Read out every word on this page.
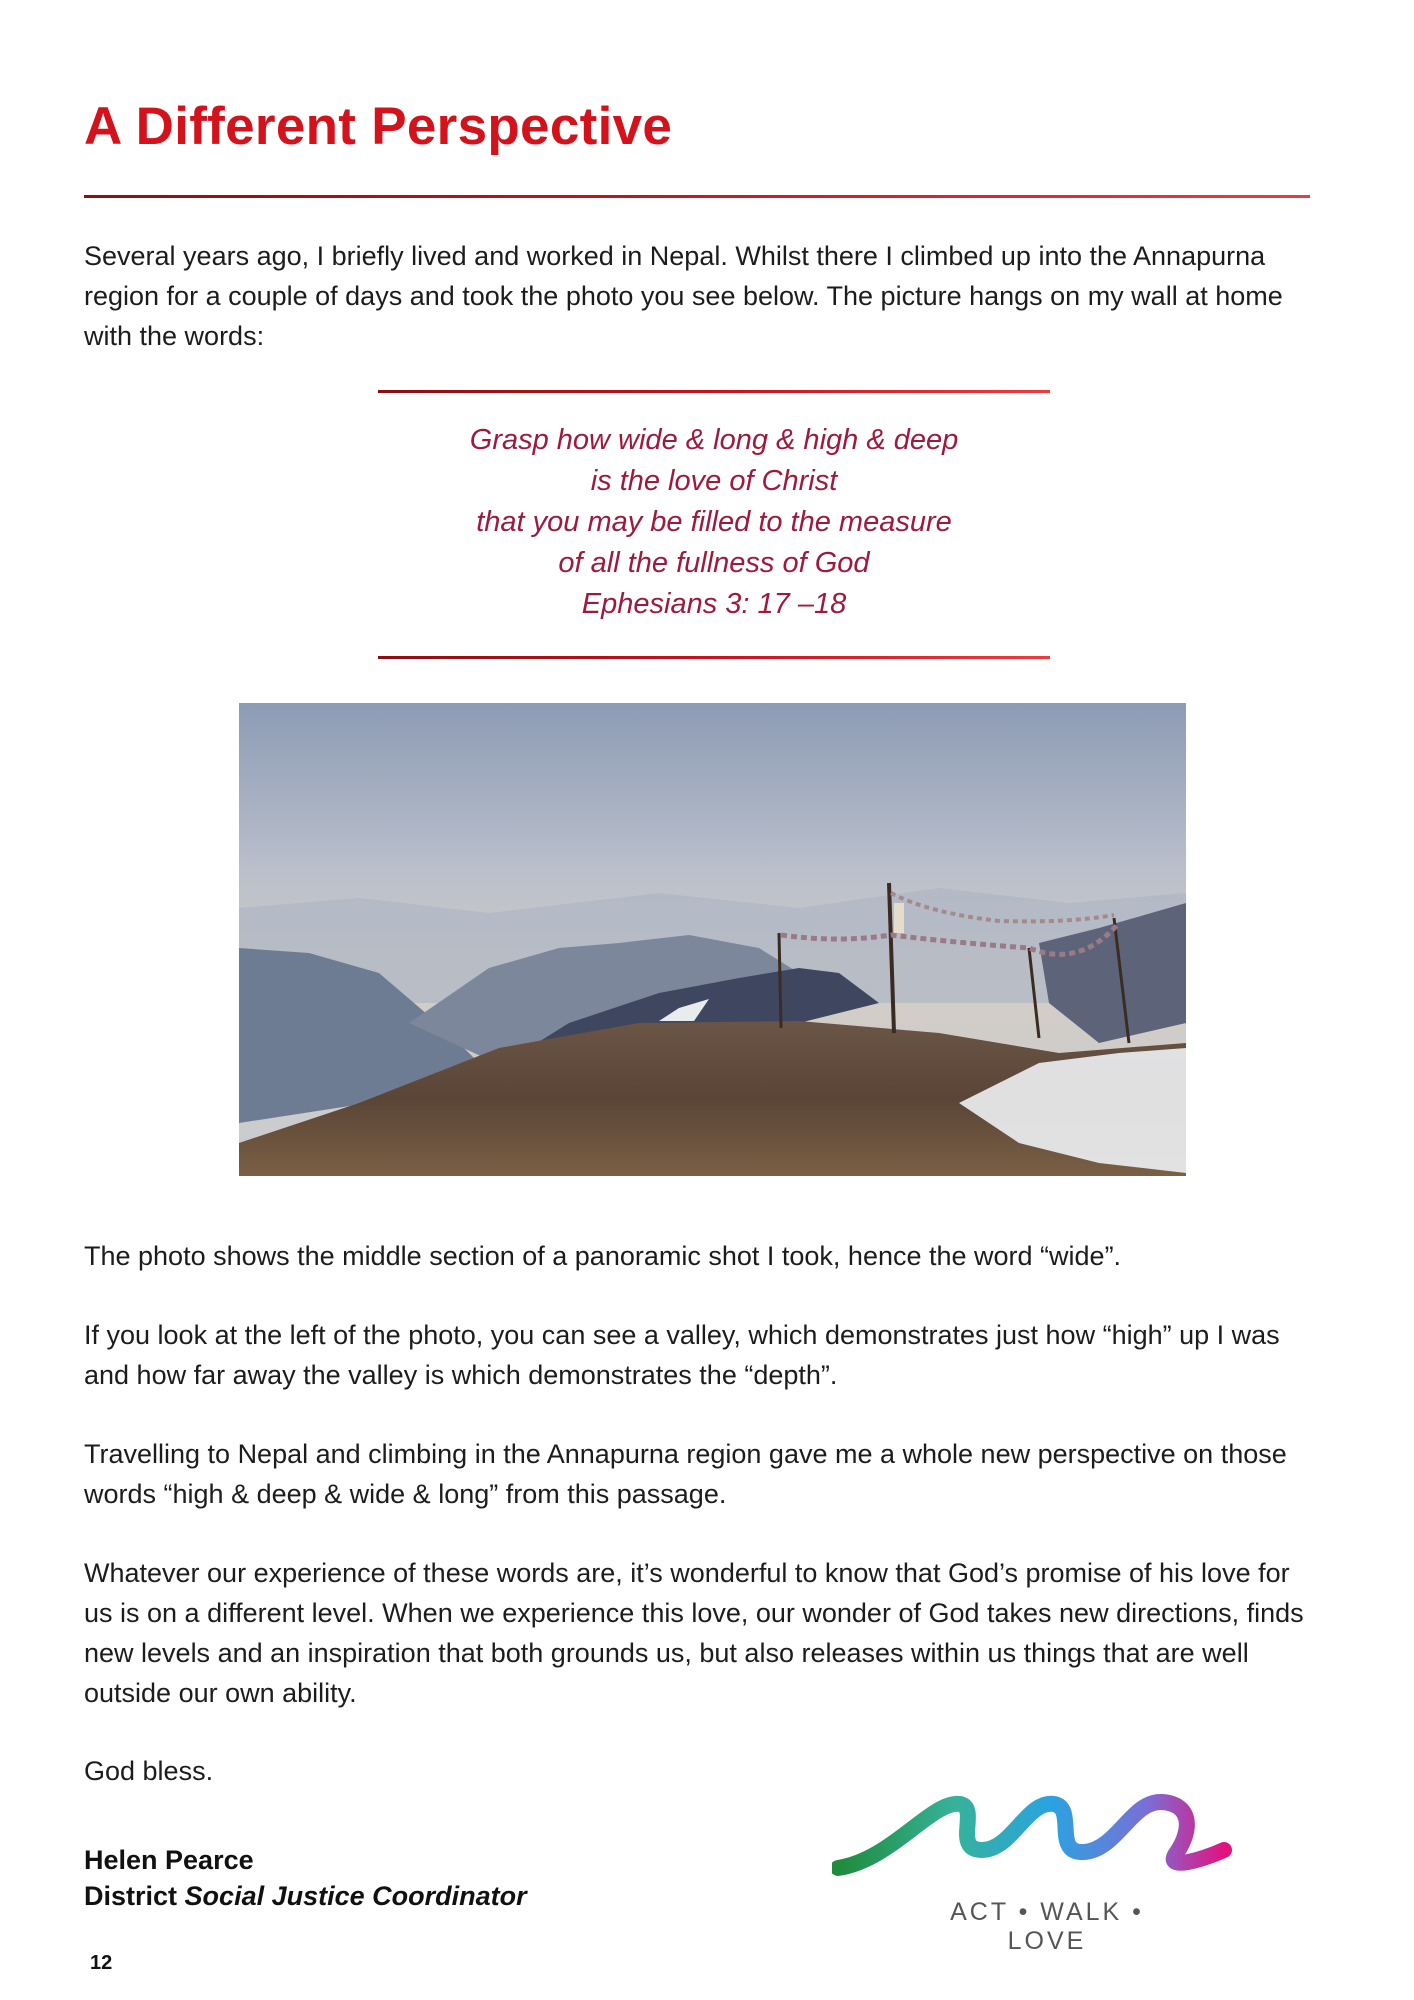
A Different Perspective

Several years ago, I briefly lived and worked in Nepal. Whilst there I climbed up into the Annapurna region for a couple of days and took the photo you see below. The picture hangs on my wall at home with the words:

Grasp how wide & long & high & deep
is the love of Christ
that you may be filled to the measure
of all the fullness of God
Ephesians 3: 17 –18

The photo shows the middle section of a panoramic shot I took, hence the word “wide”.

If you look at the left of the photo, you can see a valley, which demonstrates just how “high” up I was and how far away the valley is which demonstrates the “depth”.

Travelling to Nepal and climbing in the Annapurna region gave me a whole new perspective on those words “high & deep & wide & long” from this passage.

Whatever our experience of these words are, it’s wonderful to know that God’s promise of his love for us is on a different level. When we experience this love, our wonder of God takes new directions, finds new levels and an inspiration that both grounds us, but also releases within us things that are well outside our own ability.

God bless.

Helen Pearce
District Social Justice Coordinator
ACT • WALK • LOVE
12
